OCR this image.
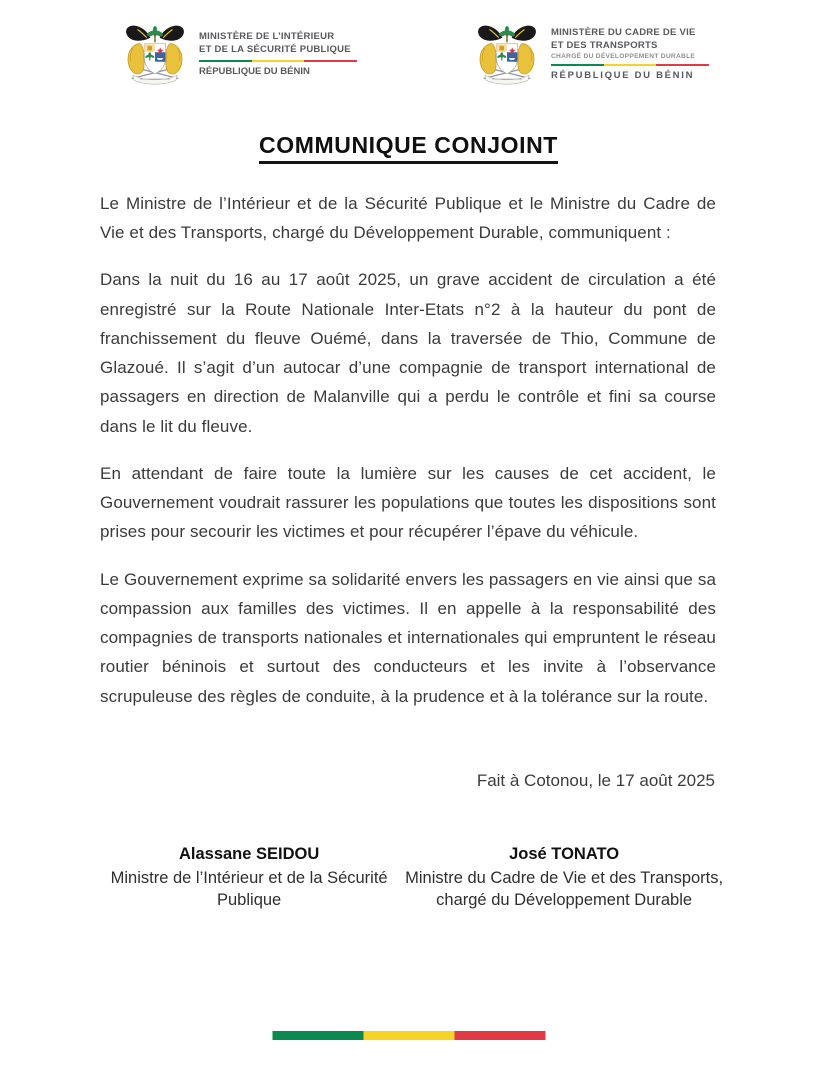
MINISTÈRE DE L’INTÉRIEUR
ET DE LA SÉCURITÉ PUBLIQUE
RÉPUBLIQUE DU BÉNIN
MINISTÈRE DU CADRE DE VIE
ET DES TRANSPORTS
CHARGÉ DU DÉVELOPPEMENT DURABLE
RÉPUBLIQUE DU BÉNIN
COMMUNIQUE CONJOINT

Le Ministre de l’Intérieur et de la Sécurité Publique et le Ministre du Cadre de Vie et des Transports, chargé du Développement Durable, communiquent :

Dans la nuit du 16 au 17 août 2025, un grave accident de circulation a été enregistré sur la Route Nationale Inter-Etats n°2 à la hauteur du pont de franchissement du fleuve Ouémé, dans la traversée de Thio, Commune de Glazoué. Il s’agit d’un autocar d’une compagnie de transport international de passagers en direction de Malanville qui a perdu le contrôle et fini sa course dans le lit du fleuve.

En attendant de faire toute la lumière sur les causes de cet accident, le Gouvernement voudrait rassurer les populations que toutes les dispositions sont prises pour secourir les victimes et pour récupérer l’épave du véhicule.

Le Gouvernement exprime sa solidarité envers les passagers en vie ainsi que sa compassion aux familles des victimes. Il en appelle à la responsabilité des compagnies de transports nationales et internationales qui empruntent le réseau routier béninois et surtout des conducteurs et les invite à l’observance scrupuleuse des règles de conduite, à la prudence et à la tolérance sur la route.

Fait à Cotonou, le 17 août 2025
Alassane SEIDOU
Ministre de l’Intérieur et de la Sécurité Publique
José TONATO
Ministre du Cadre de Vie et des Transports, chargé du Développement Durable
